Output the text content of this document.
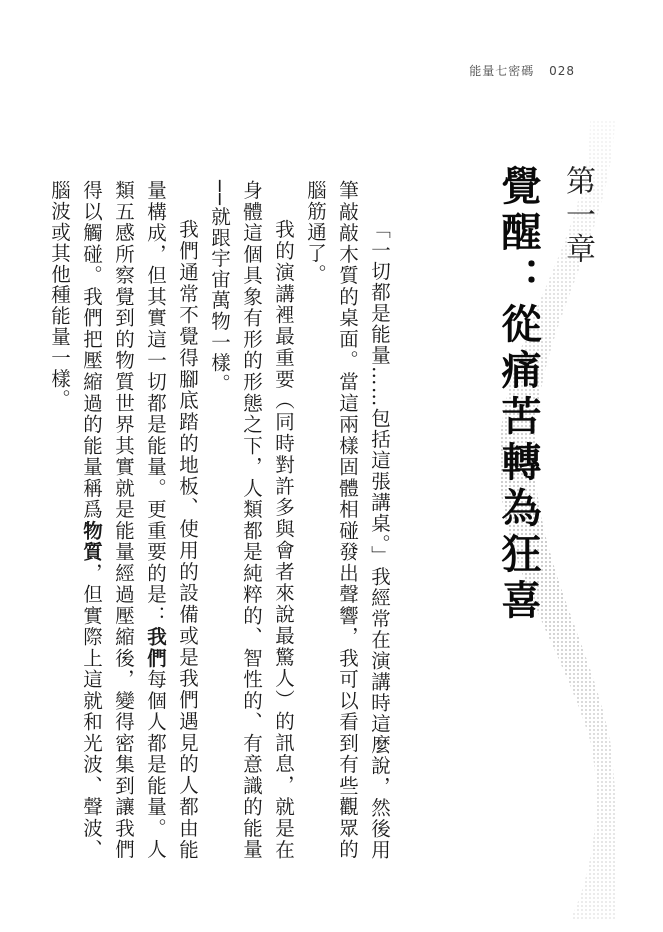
能量七密碼 028
第一章
覺醒：從痛苦轉為狂喜

「一切都是能量……包括這張講桌。」我經常在演講時這麼說，然後用筆敲敲木質的桌面。當這兩樣固體相碰發出聲響，我可以看到有些觀眾的腦筋通了。

我的演講裡最重要（同時對許多與會者來說最驚人）的訊息，就是在身體這個具象有形的形態之下，人類都是純粹的、智性的、有意識的能量──就跟宇宙萬物一樣。

我們通常不覺得腳底踏的地板、使用的設備或是我們遇見的人都由能量構成，但其實這一切都是能量。更重要的是：我們每個人都是能量。人類五感所察覺到的物質世界其實就是能量經過壓縮後，變得密集到讓我們得以觸碰。我們把壓縮過的能量稱爲物質，但實際上這就和光波、聲波、腦波或其他種能量一樣。
